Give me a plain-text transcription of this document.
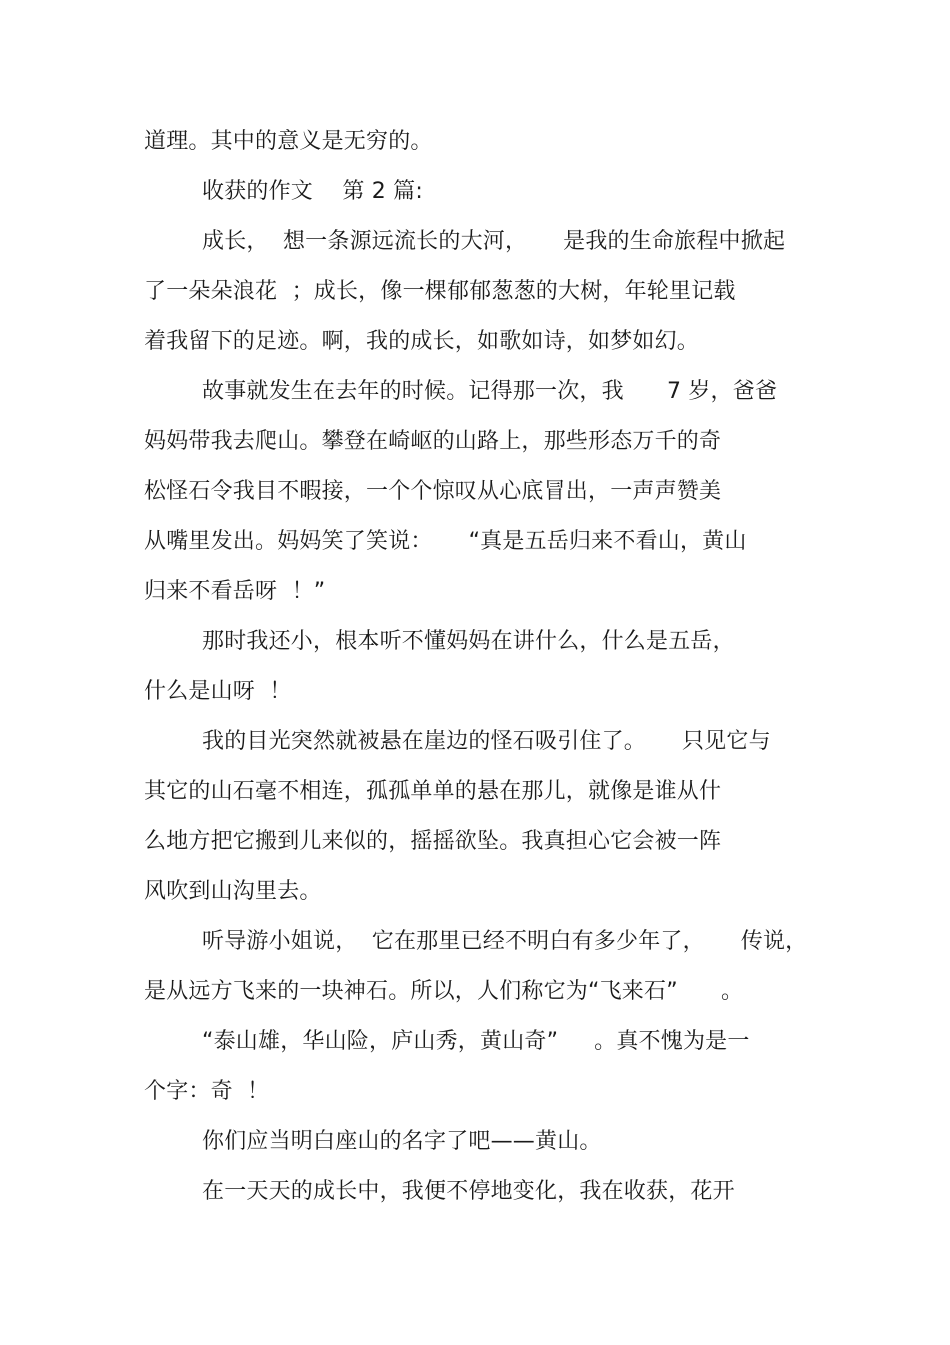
道理。其中的意义是无穷的。
收获的作文　 第 2 篇:
成长，  想一条源远流长的大河，     是我的生命旅程中掀起
了一朵朵浪花  ；成长，像一棵郁郁葱葱的大树，年轮里记载
着我留下的足迹。啊，我的成长，如歌如诗，如梦如幻。
故事就发生在去年的时候。记得那一次，我      7 岁，爸爸
妈妈带我去爬山。攀登在崎岖的山路上，那些形态万千的奇
松怪石令我目不暇接，一个个惊叹从心底冒出，一声声赞美
从嘴里发出。妈妈笑了笑说：     “真是五岳归来不看山，黄山
归来不看岳呀  ！”
那时我还小，根本听不懂妈妈在讲什么，什么是五岳，
什么是山呀  ！
我的目光突然就被悬在崖边的怪石吸引住了。     只见它与
其它的山石毫不相连，孤孤单单的悬在那儿，就像是谁从什
么地方把它搬到儿来似的，摇摇欲坠。我真担心它会被一阵
风吹到山沟里去。
听导游小姐说，  它在那里已经不明白有多少年了，     传说，
是从远方飞来的一块神石。所以，人们称它为“飞来石”      。
“泰山雄，华山险，庐山秀，黄山奇”     。真不愧为是一
个字：奇  ！
你们应当明白座山的名字了吧——黄山。
在一天天的成长中，我便不停地变化，我在收获，花开
